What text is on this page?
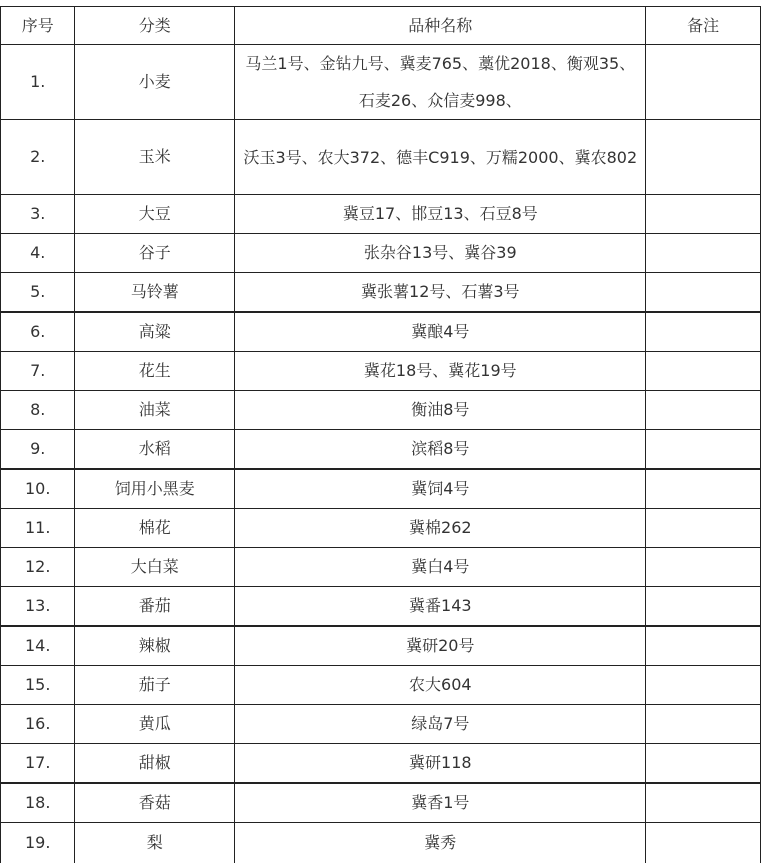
序号	分类	品种名称	备注
1.	小麦	马兰1号、金钻九号、冀麦765、藁优2018、衡观35、石麦26、众信麦998、	
2.	玉米	沃玉3号、农大372、德丰C919、万糯2000、冀农802	
3.	大豆	冀豆17、邯豆13、石豆8号	
4.	谷子	张杂谷13号、冀谷39	
5.	马铃薯	冀张薯12号、石薯3号	
6.	高粱	冀酿4号	
7.	花生	冀花18号、冀花19号	
8.	油菜	衡油8号	
9.	水稻	滨稻8号	
10.	饲用小黑麦	冀饲4号	
11.	棉花	冀棉262	
12.	大白菜	冀白4号	
13.	番茄	冀番143	
14.	辣椒	冀研20号	
15.	茄子	农大604	
16.	黄瓜	绿岛7号	
17.	甜椒	冀研118	
18.	香菇	冀香1号	
19.	梨	冀秀	
